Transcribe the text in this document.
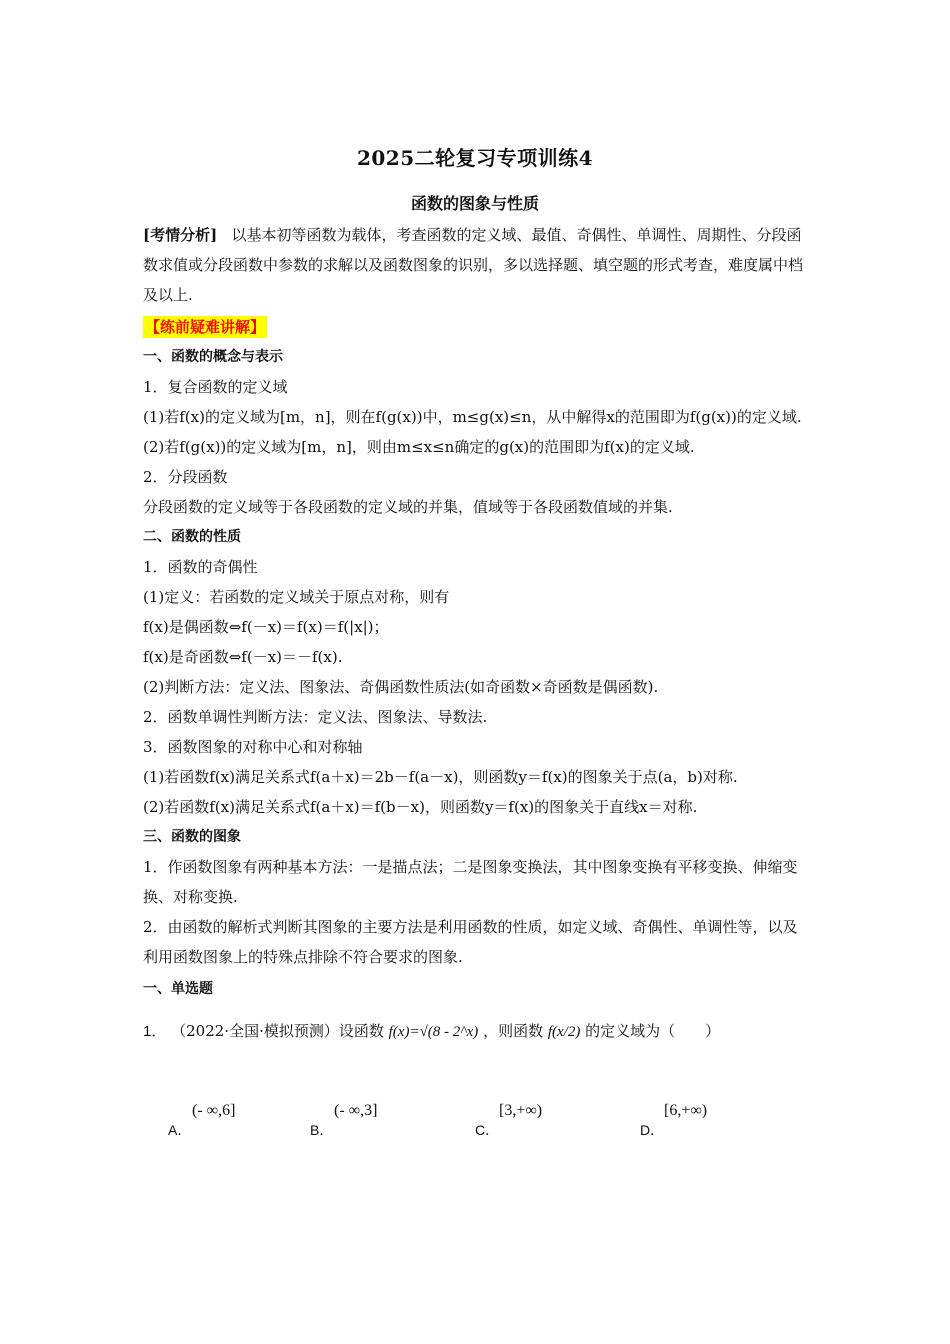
2025二轮复习专项训练4
函数的图象与性质
[考情分析] 以基本初等函数为载体，考查函数的定义域、最值、奇偶性、单调性、周期性、分段函数求值或分段函数中参数的求解以及函数图象的识别，多以选择题、填空题的形式考查，难度属中档及以上.
【练前疑难讲解】
一、函数的概念与表示
1．复合函数的定义域
(1)若f(x)的定义域为[m，n]，则在f(g(x))中，m≤g(x)≤n，从中解得x的范围即为f(g(x))的定义域.
(2)若f(g(x))的定义域为[m，n]，则由m≤x≤n确定的g(x)的范围即为f(x)的定义域.
2．分段函数
分段函数的定义域等于各段函数的定义域的并集，值域等于各段函数值域的并集.
二、函数的性质
1．函数的奇偶性
(1)定义：若函数的定义域关于原点对称，则有
f(x)是偶函数⇔f(－x)＝f(x)＝f(|x|)；
f(x)是奇函数⇔f(－x)＝－f(x).
(2)判断方法：定义法、图象法、奇偶函数性质法(如奇函数×奇函数是偶函数).
2．函数单调性判断方法：定义法、图象法、导数法.
3．函数图象的对称中心和对称轴
(1)若函数f(x)满足关系式f(a＋x)＝2b－f(a－x)，则函数y＝f(x)的图象关于点(a，b)对称.
(2)若函数f(x)满足关系式f(a＋x)＝f(b－x)，则函数y＝f(x)的图象关于直线x＝对称.
三、函数的图象
1．作函数图象有两种基本方法：一是描点法；二是图象变换法，其中图象变换有平移变换、伸缩变换、对称变换.
2．由函数的解析式判断其图象的主要方法是利用函数的性质，如定义域、奇偶性、单调性等，以及利用函数图象上的特殊点排除不符合要求的图象.
一、单选题
1． （2022·全国·模拟预测）设函数 f(x)=√(8 - 2^x) ，则函数 f(x/2) 的定义域为（　　）
A．
(- ∞,6]
B．
(- ∞,3]
C．
[3,+∞)
D．
[6,+∞)
